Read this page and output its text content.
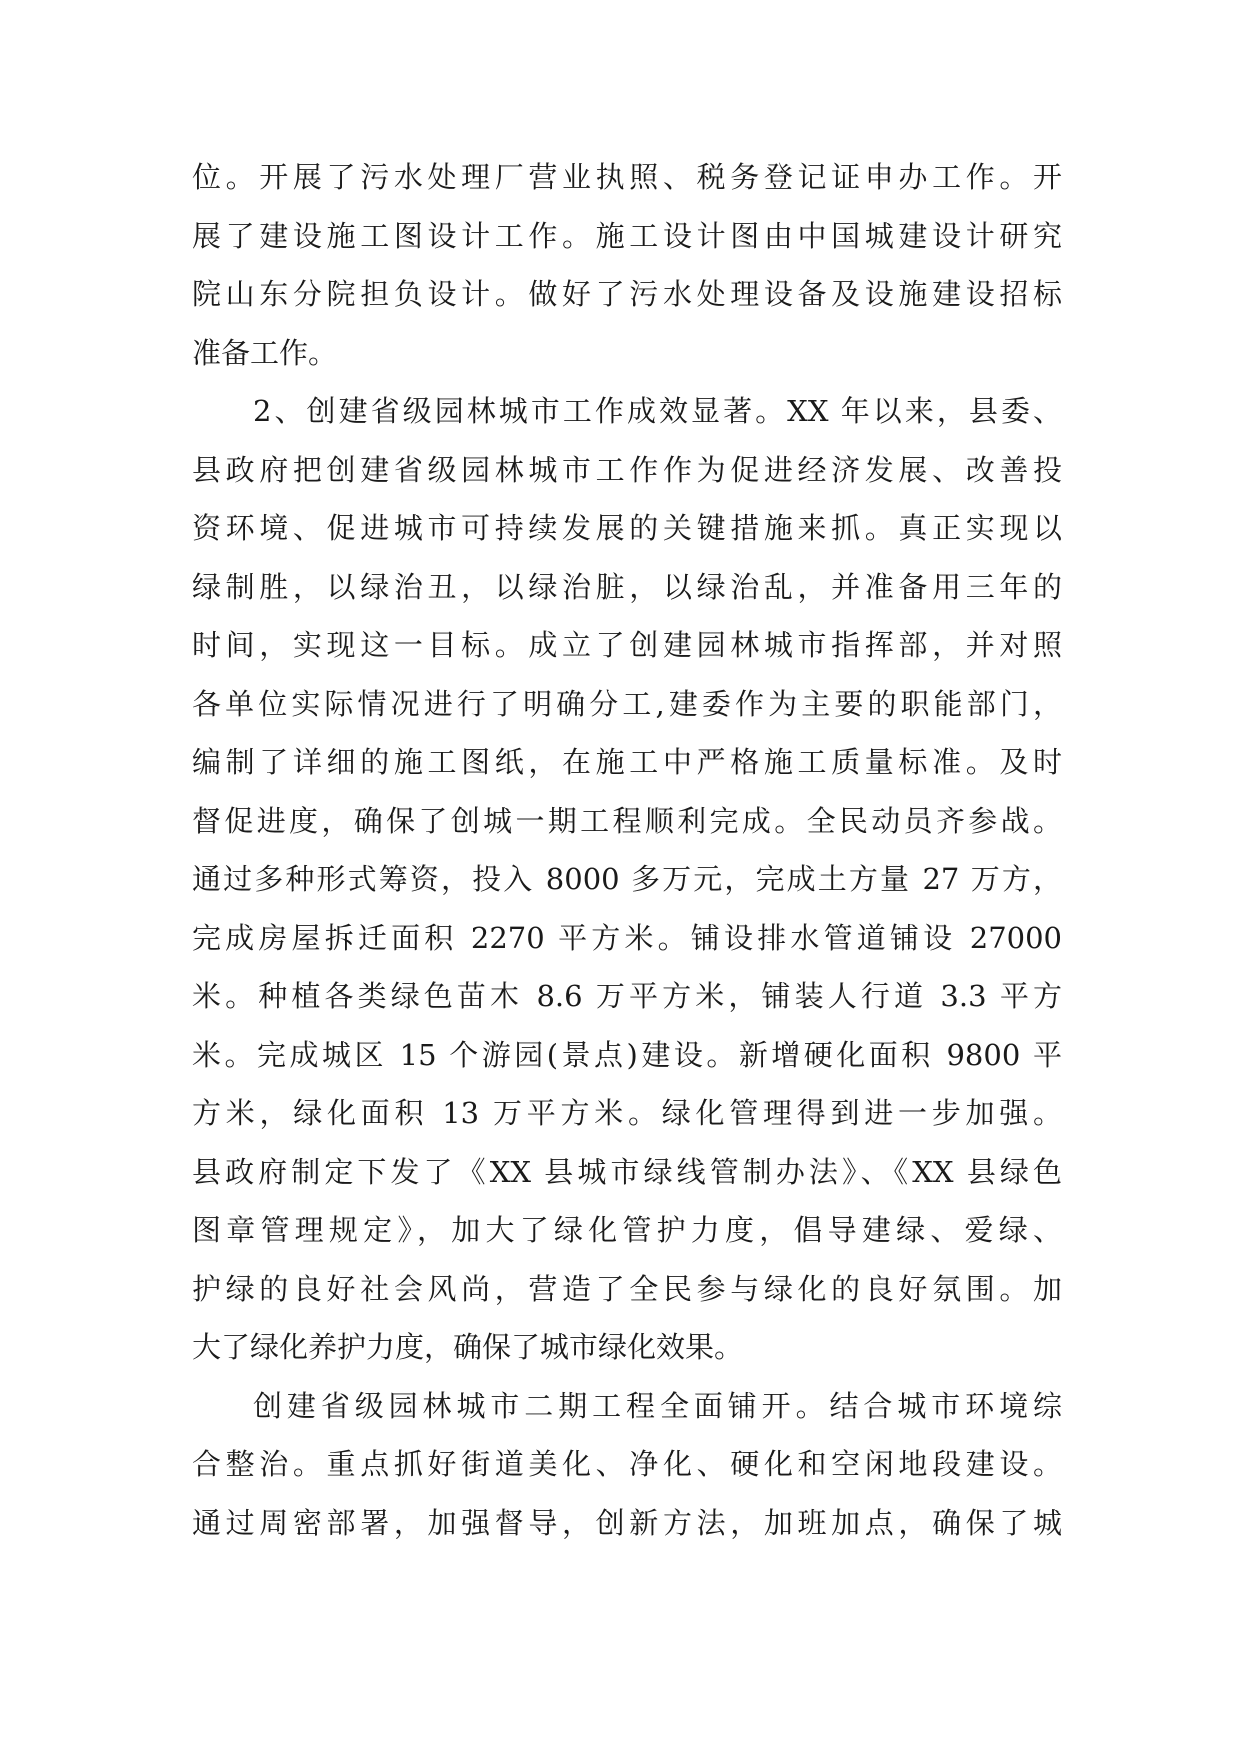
位。开展了污水处理厂营业执照、税务登记证申办工作。开
展了建设施工图设计工作。施工设计图由中国城建设计研究
院山东分院担负设计。做好了污水处理设备及设施建设招标
准备工作。
2、创建省级园林城市工作成效显著。XX 年以来，县委、
县政府把创建省级园林城市工作作为促进经济发展、改善投
资环境、促进城市可持续发展的关键措施来抓。真正实现以
绿制胜，以绿治丑，以绿治脏，以绿治乱，并准备用三年的
时间，实现这一目标。成立了创建园林城市指挥部，并对照
各单位实际情况进行了明确分工,建委作为主要的职能部门，
编制了详细的施工图纸，在施工中严格施工质量标准。及时
督促进度，确保了创城一期工程顺利完成。全民动员齐参战。
通过多种形式筹资，投入 8000 多万元，完成土方量 27 万方，
完成房屋拆迁面积 2270 平方米。铺设排水管道铺设 27000
米。种植各类绿色苗木 8.6 万平方米，铺装人行道 3.3 平方
米。完成城区 15 个游园(景点)建设。新增硬化面积 9800 平
方米，绿化面积 13 万平方米。绿化管理得到进一步加强。
县政府制定下发了《XX 县城市绿线管制办法》、《XX 县绿色
图章管理规定》，加大了绿化管护力度，倡导建绿、爱绿、
护绿的良好社会风尚，营造了全民参与绿化的良好氛围。加
大了绿化养护力度，确保了城市绿化效果。
创建省级园林城市二期工程全面铺开。结合城市环境综
合整治。重点抓好街道美化、净化、硬化和空闲地段建设。
通过周密部署，加强督导，创新方法，加班加点，确保了城
